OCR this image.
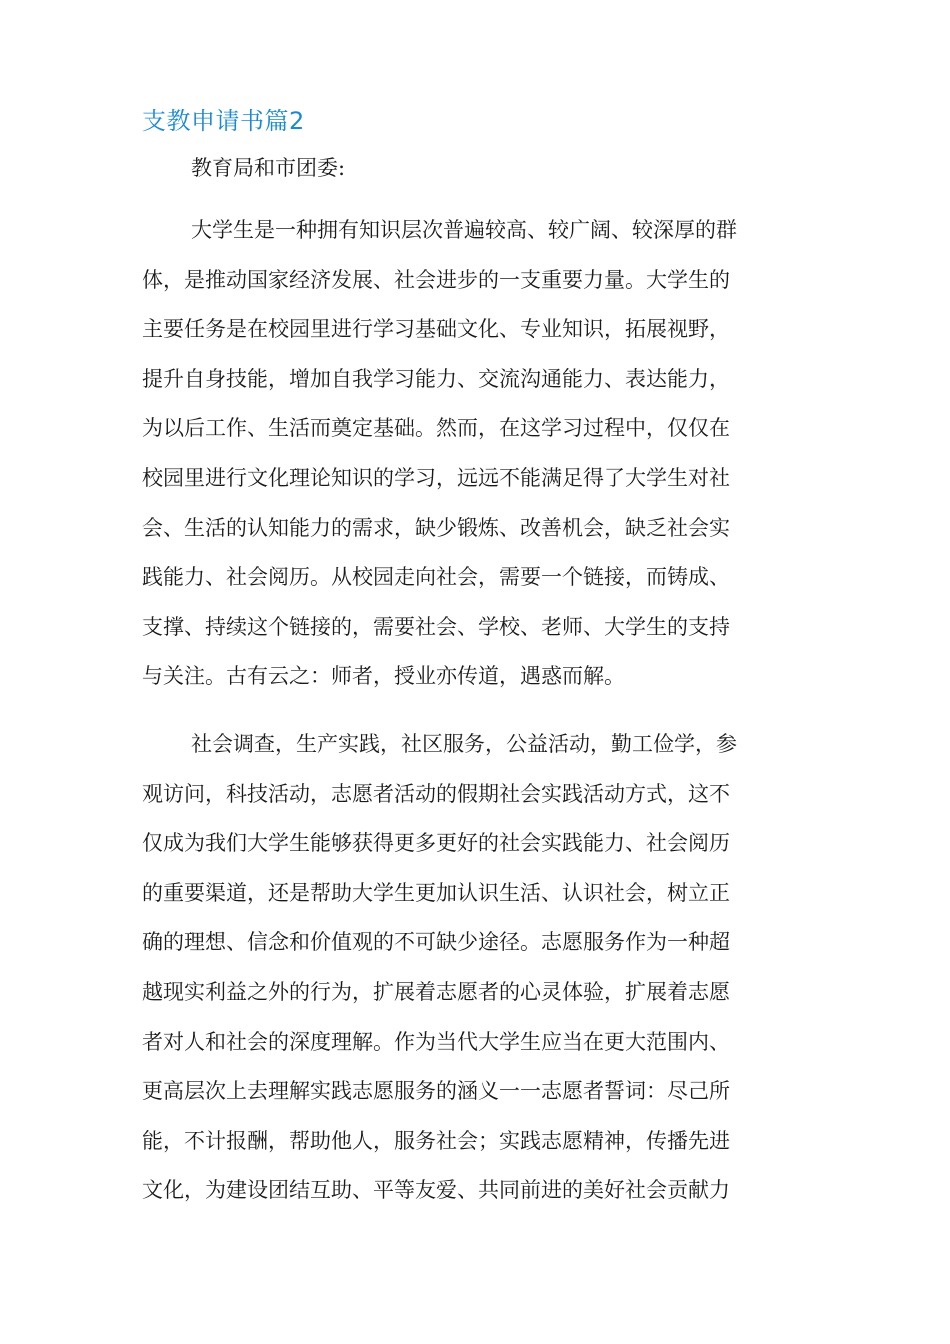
支教申请书篇2
教育局和市团委:
大学生是一种拥有知识层次普遍较高、较广阔、较深厚的群
体，是推动国家经济发展、社会进步的一支重要力量。大学生的
主要任务是在校园里进行学习基础文化、专业知识，拓展视野，
提升自身技能，增加自我学习能力、交流沟通能力、表达能力，
为以后工作、生活而奠定基础。然而，在这学习过程中，仅仅在
校园里进行文化理论知识的学习，远远不能满足得了大学生对社
会、生活的认知能力的需求，缺少锻炼、改善机会，缺乏社会实
践能力、社会阅历。从校园走向社会，需要一个链接，而铸成、
支撑、持续这个链接的，需要社会、学校、老师、大学生的支持
与关注。古有云之：师者，授业亦传道，遇惑而解。
社会调查，生产实践，社区服务，公益活动，勤工俭学，参
观访问，科技活动，志愿者活动的假期社会实践活动方式，这不
仅成为我们大学生能够获得更多更好的社会实践能力、社会阅历
的重要渠道，还是帮助大学生更加认识生活、认识社会，树立正
确的理想、信念和价值观的不可缺少途径。志愿服务作为一种超
越现实利益之外的行为，扩展着志愿者的心灵体验，扩展着志愿
者对人和社会的深度理解。作为当代大学生应当在更大范围内、
更高层次上去理解实践志愿服务的涵义一一志愿者誓词：尽己所
能，不计报酬，帮助他人，服务社会；实践志愿精神，传播先进
文化，为建设团结互助、平等友爱、共同前进的美好社会贡献力
